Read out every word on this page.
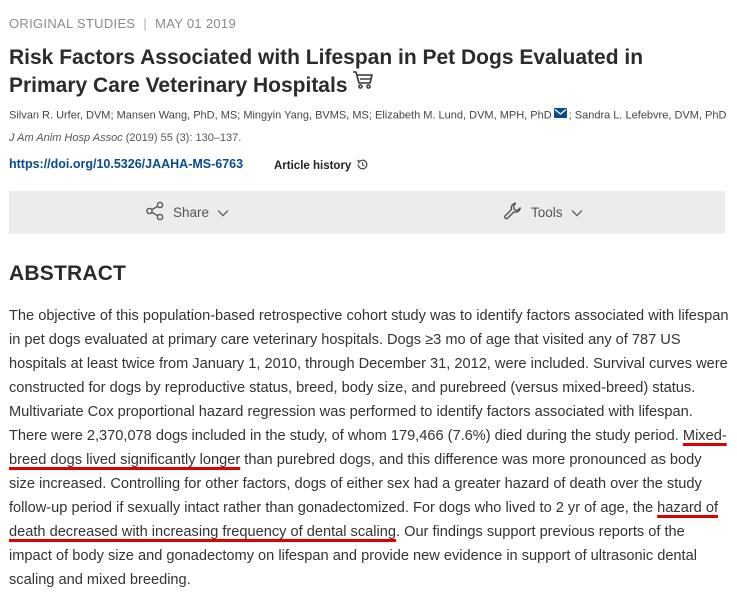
ORIGINAL STUDIES | MAY 01 2019
Risk Factors Associated with Lifespan in Pet Dogs Evaluated in Primary Care Veterinary Hospitals
Silvan R. Urfer, DVM; Mansen Wang, PhD, MS; Mingyin Yang, BVMS, MS; Elizabeth M. Lund, DVM, MPH, PhD ; Sandra L. Lefebvre, DVM, PhD
J Am Anim Hosp Assoc (2019) 55 (3): 130–137.
https://doi.org/10.5326/JAAHA-MS-6763	Article history
Share	Tools
ABSTRACT
The objective of this population-based retrospective cohort study was to identify factors associated with lifespan in pet dogs evaluated at primary care veterinary hospitals. Dogs ≥3 mo of age that visited any of 787 US hospitals at least twice from January 1, 2010, through December 31, 2012, were included. Survival curves were constructed for dogs by reproductive status, breed, body size, and purebreed (versus mixed-breed) status. Multivariate Cox proportional hazard regression was performed to identify factors associated with lifespan. There were 2,370,078 dogs included in the study, of whom 179,466 (7.6%) died during the study period. Mixed-breed dogs lived significantly longer than purebred dogs, and this difference was more pronounced as body size increased. Controlling for other factors, dogs of either sex had a greater hazard of death over the study follow-up period if sexually intact rather than gonadectomized. For dogs who lived to 2 yr of age, the hazard of death decreased with increasing frequency of dental scaling. Our findings support previous reports of the impact of body size and gonadectomy on lifespan and provide new evidence in support of ultrasonic dental scaling and mixed breeding.
